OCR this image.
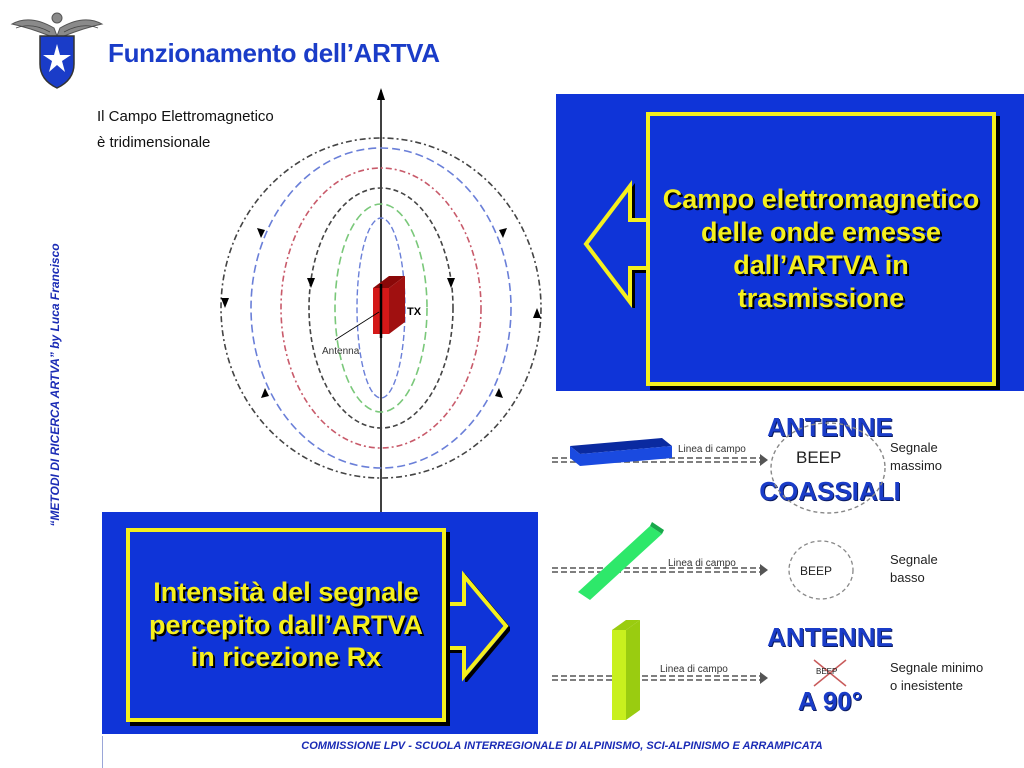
Funzionamento dell’ARTVA
“METODI DI RICERCA ARTVA” by Luca Francisco
Il Campo Elettromagnetico
è tridimensionale
TX
Antenna
Campo elettromagnetico delle onde emesse dall’ARTVA in trasmissione
Intensità del segnale percepito dall’ARTVA in ricezione Rx
ANTENNE
COASSIALI
Linea di campo	BEEP
Segnale
massimo
Linea di campo
BEEP
Segnale
basso
ANTENNE
A 90°
Linea di campo	BEEP	Segnale minimo
o inesistente
COMMISSIONE LPV - SCUOLA INTERREGIONALE DI ALPINISMO, SCI-ALPINISMO E ARRAMPICATA
